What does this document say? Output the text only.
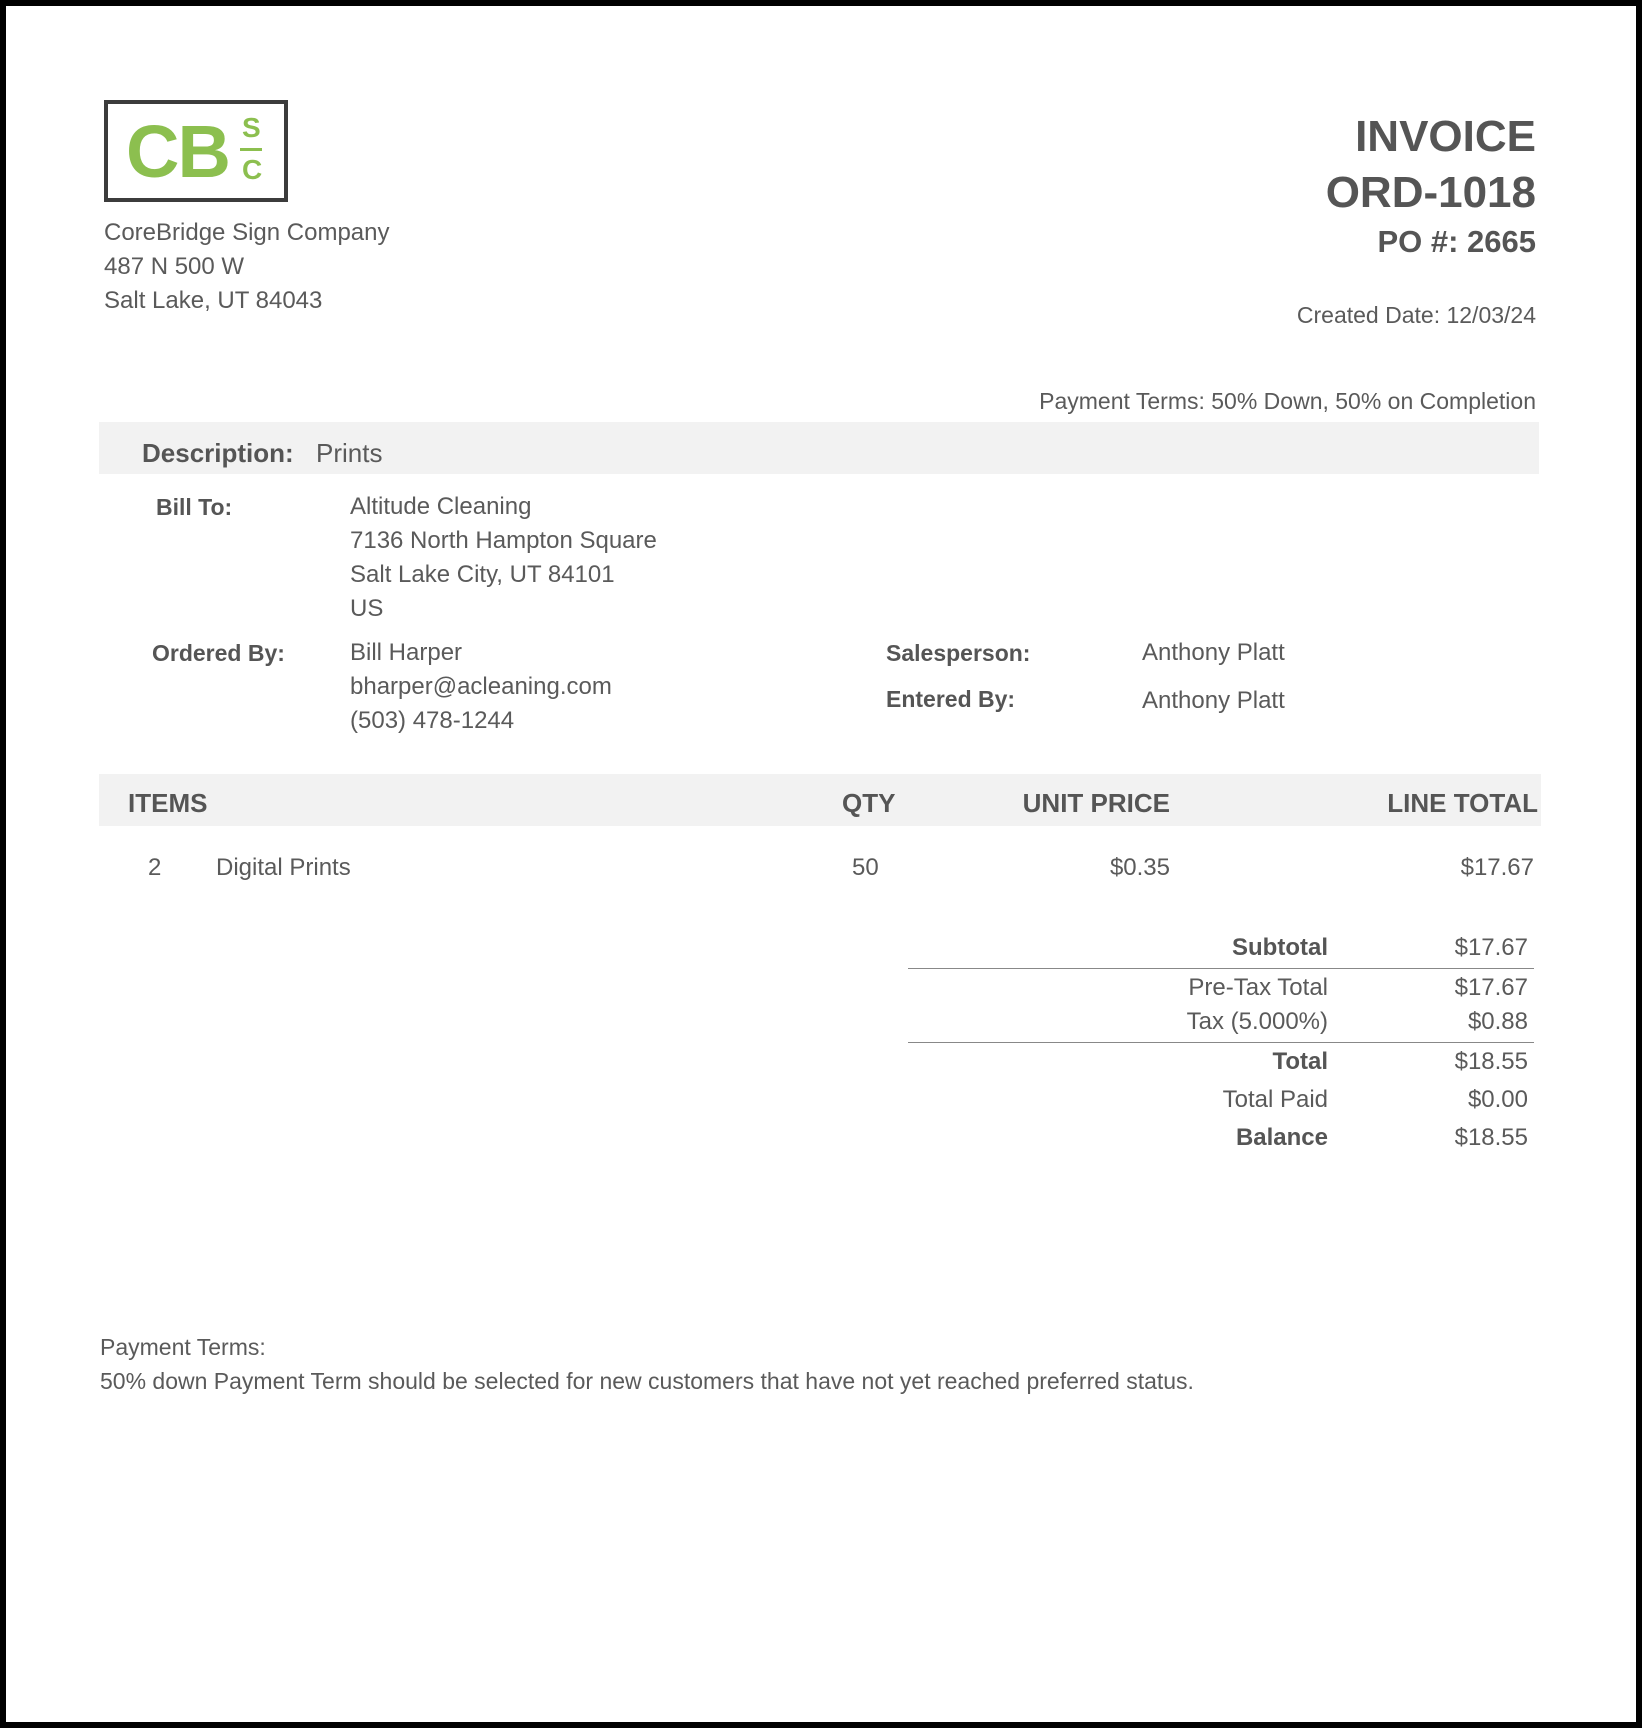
CB S
C
CoreBridge Sign Company
487 N 500 W
Salt Lake, UT 84043
INVOICE
ORD-1018
PO #: 2665
Created Date: 12/03/24
Payment Terms: 50% Down, 50% on Completion
Description: Prints
Bill To:	Altitude Cleaning
7136 North Hampton Square
Salt Lake City, UT 84101
US
Ordered By:	Bill Harper
bharper@acleaning.com
(503) 478-1244
Salesperson:	Anthony Platt
Entered By:	Anthony Platt
ITEMS	QTY	UNIT PRICE	LINE TOTAL
2 Digital Prints	50	$0.35	$17.67
Subtotal	$17.67
Pre-Tax Total	$17.67
Tax (5.000%)	$0.88
Total	$18.55
Total Paid	$0.00
Balance	$18.55
Payment Terms:
50% down Payment Term should be selected for new customers that have not yet reached preferred status.
